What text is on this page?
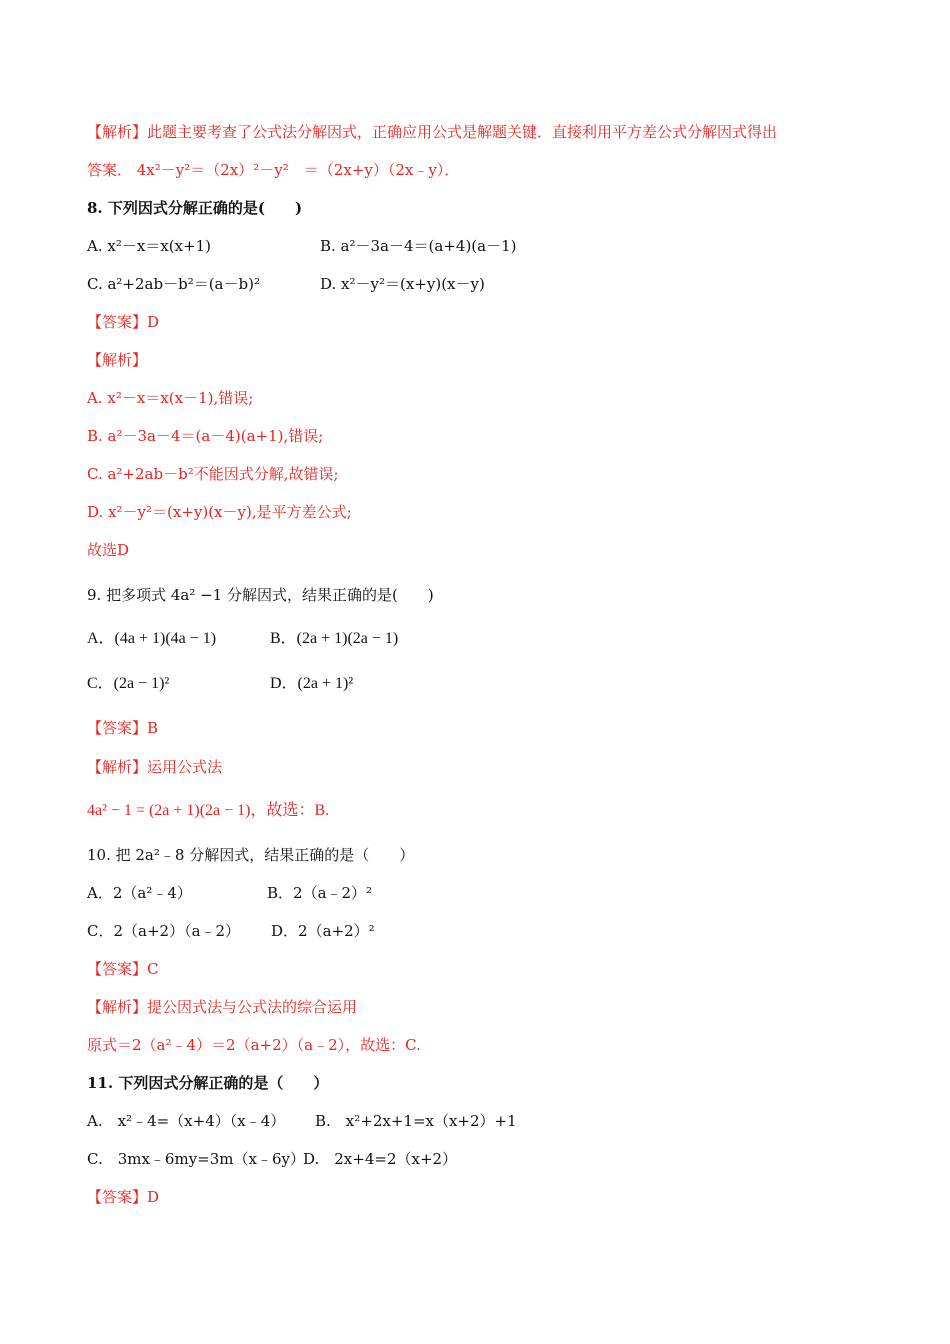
【解析】此题主要考查了公式法分解因式，正确应用公式是解题关键．直接利用平方差公式分解因式得出
答案． 4x²－y²＝（2x）²－y²　＝（2x+y）（2x﹣y）．
8. 下列因式分解正确的是(　　)
A. x²－x＝x(x+1)	B. a²－3a－4＝(a+4)(a－1)
C. a²+2ab－b²＝(a－b)²	D. x²－y²＝(x+y)(x－y)
【答案】D
【解析】
A. x²－x＝x(x－1),错误;
B. a²－3a－4＝(a－4)(a+1),错误;
C. a²+2ab－b²不能因式分解,故错误;
D. x²－y²＝(x+y)(x－y),是平方差公式;
故选D
9. 把多项式 4a² −1 分解因式，结果正确的是(　　)
A．(4a + 1)(4a − 1)	B．(2a + 1)(2a − 1)
C．(2a − 1)²	D．(2a + 1)²
【答案】B
【解析】运用公式法
4a² − 1 = (2a + 1)(2a − 1)，故选：B.
10. 把 2a²﹣8 分解因式，结果正确的是（　　）
A．2（a²﹣4）	B．2（a﹣2）²
C．2（a+2）（a﹣2） D．2（a+2）²
【答案】C
【解析】提公因式法与公式法的综合运用
原式＝2（a²﹣4）＝2（a+2）（a﹣2），故选：C.
11. 下列因式分解正确的是（　　）
A.　x²﹣4=（x+4）（x﹣4） B.　x²+2x+1=x（x+2）+1
C.　3mx﹣6my=3m（x﹣6y）
D.　2x+4=2（x+2）
【答案】D
